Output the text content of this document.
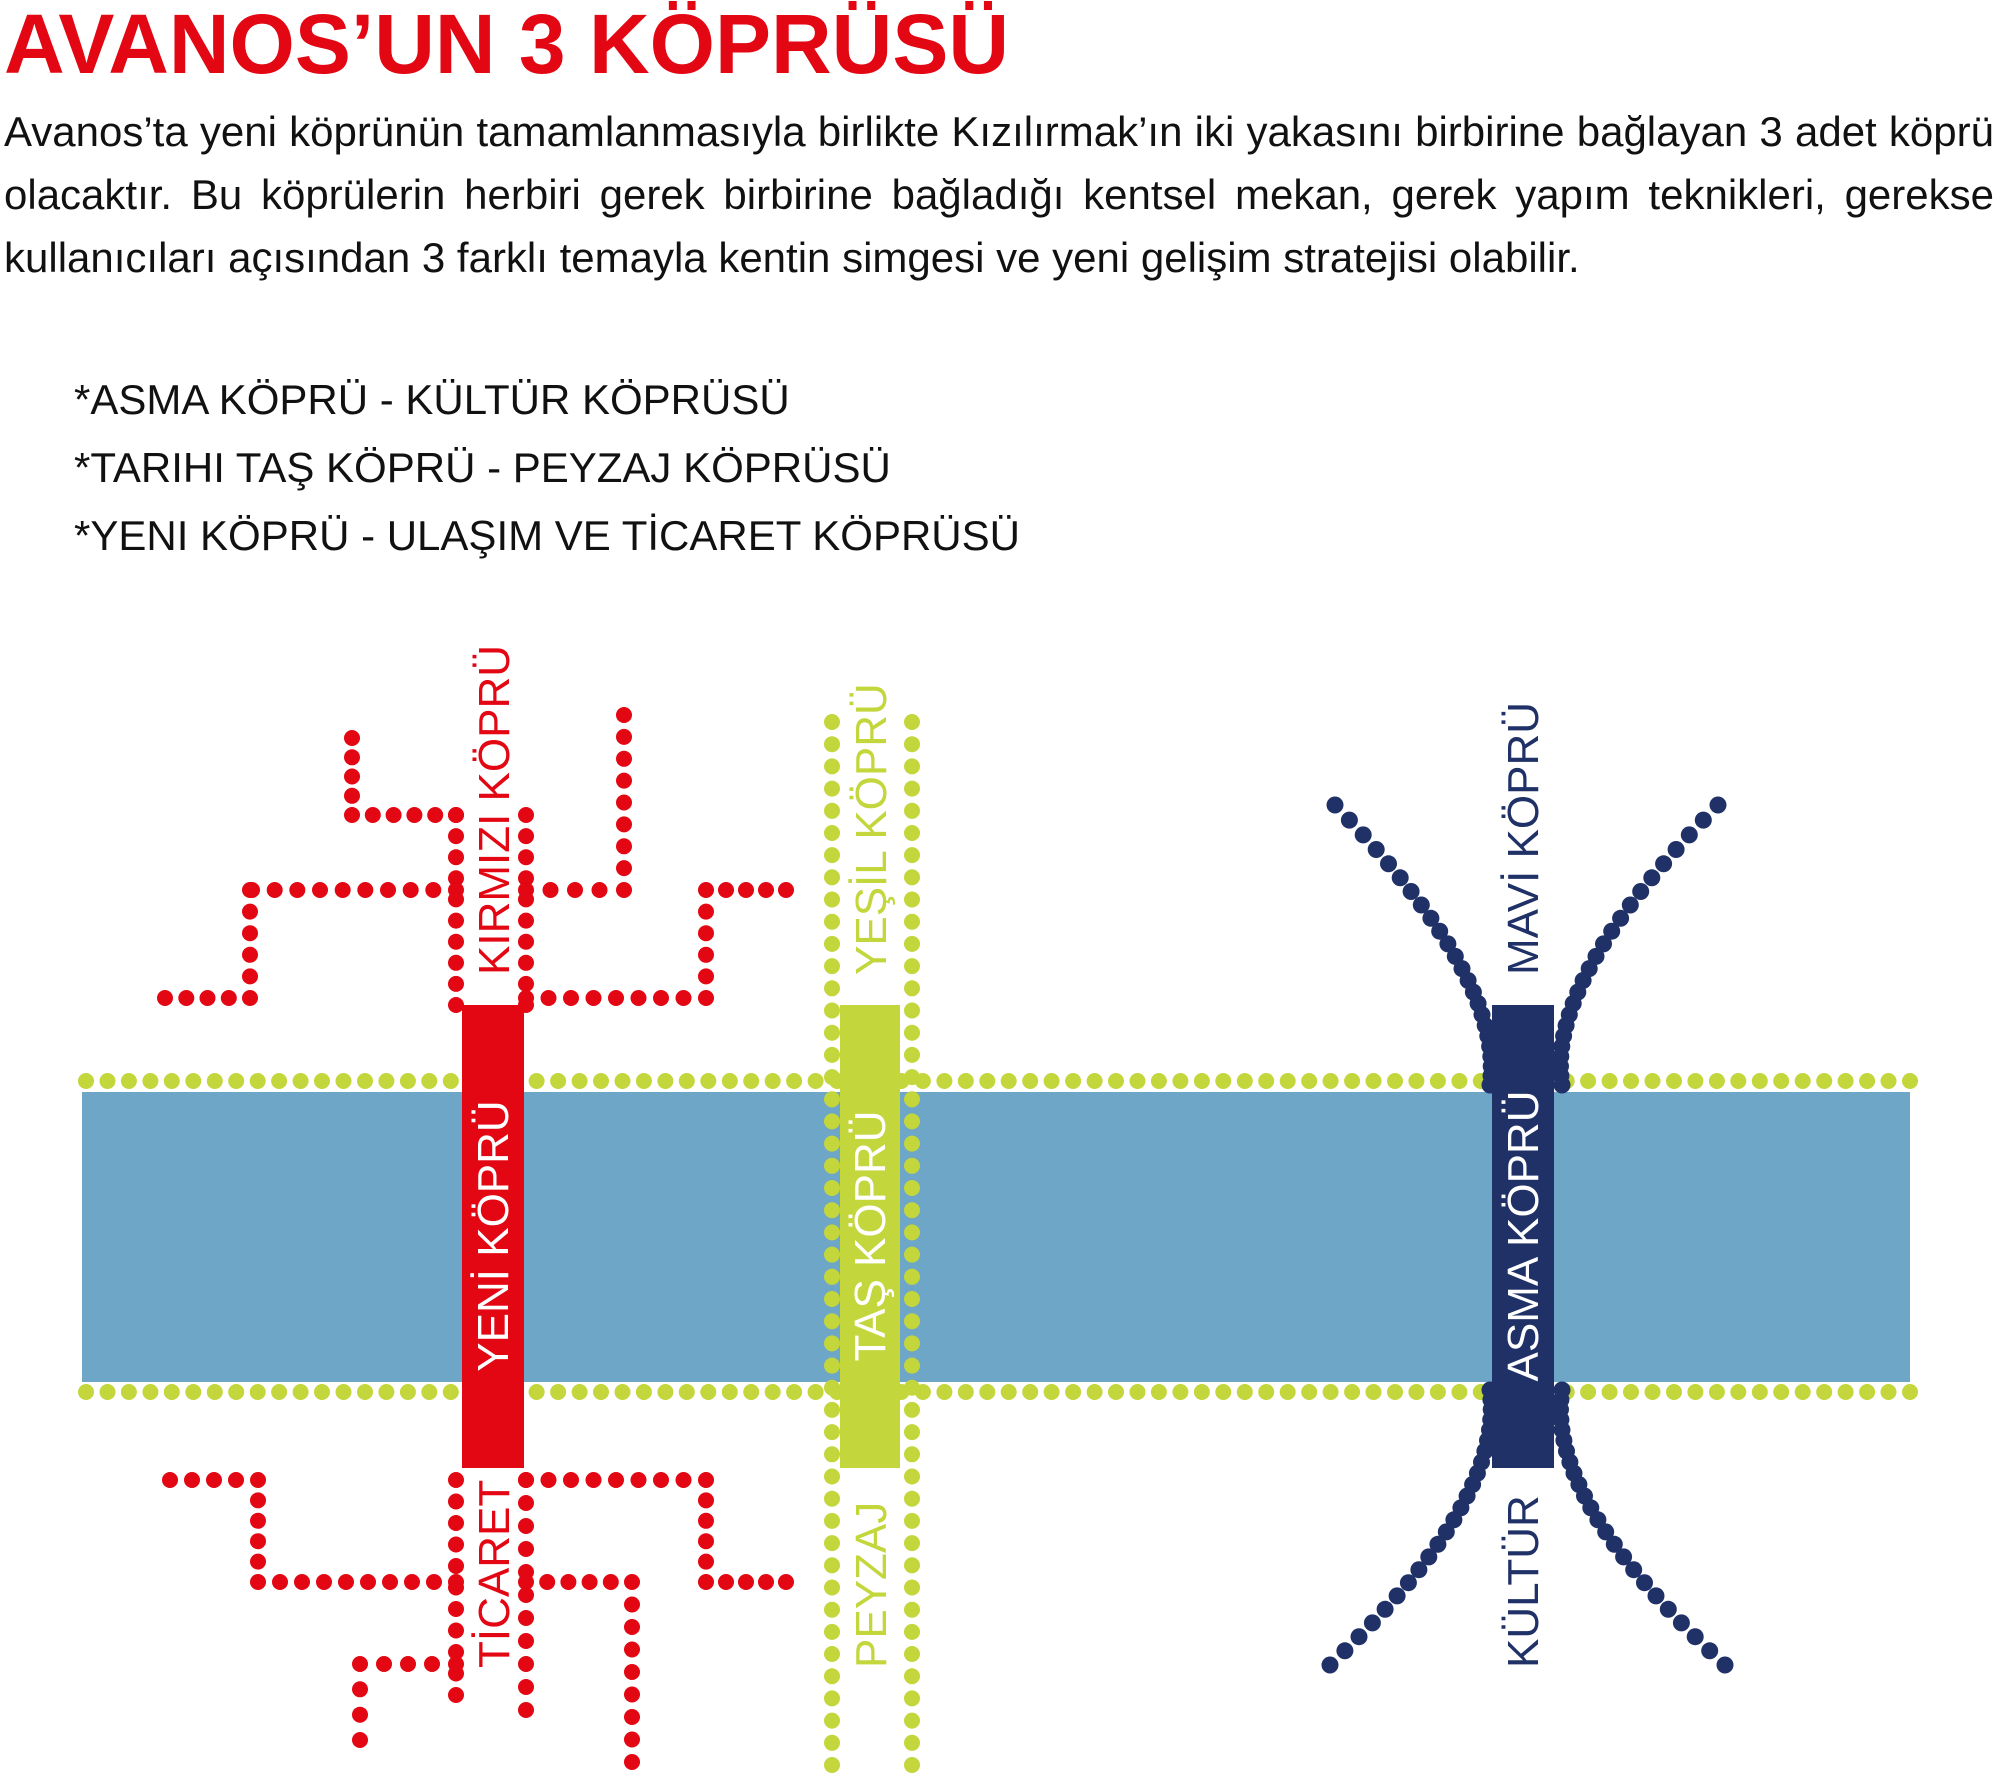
AVANOS’UN 3 KÖPRÜSÜ

Avanos’ta yeni köprünün tamamlanmasıyla birlikte Kızılırmak’ın iki yakasını birbirine bağlayan 3 adet köprü olacaktır. Bu köprülerin herbiri gerek birbirine bağladığı kentsel mekan, gerek yapım teknikleri, gerekse kullanıcıları açısından 3 farklı temayla kentin simgesi ve yeni gelişim stratejisi olabilir.

*ASMA KÖPRÜ - KÜLTÜR KÖPRÜSÜ
*TARIHI TAŞ KÖPRÜ - PEYZAJ KÖPRÜSÜ
*YENI KÖPRÜ - ULAŞIM VE TİCARET KÖPRÜSÜ
YENİ KÖPRÜ	TAŞ KÖPRÜ	ASMA KÖPRÜ
KIRMIZI KÖPRÜ	YEŞİL KÖPRÜ	MAVİ KÖPRÜ
TİCARET	PEYZAJ	KÜLTÜR
